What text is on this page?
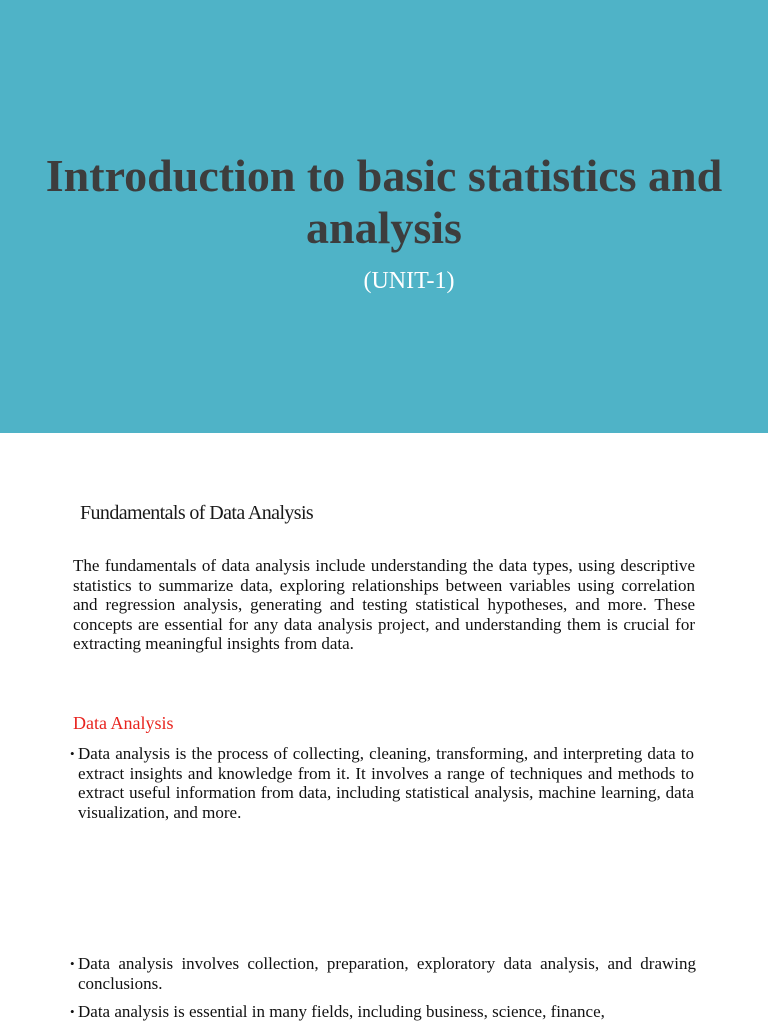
Introduction to basic statistics and analysis
(UNIT-1)
Fundamentals of Data Analysis

The fundamentals of data analysis include understanding the data types, using descriptive statistics to summarize data, exploring relationships between variables using correlation and regression analysis, generating and testing statistical hypotheses, and more. These concepts are essential for any data analysis project, and understanding them is crucial for extracting meaningful insights from data.

Data Analysis
• Data analysis is the process of collecting, cleaning, transforming, and interpreting data to extract insights and knowledge from it. It involves a range of techniques and methods to extract useful information from data, including statistical analysis, machine learning, data visualization, and more.
• Data analysis involves collection, preparation, exploratory data analysis, and drawing conclusions.
• Data analysis is essential in many fields, including business, science, finance,
